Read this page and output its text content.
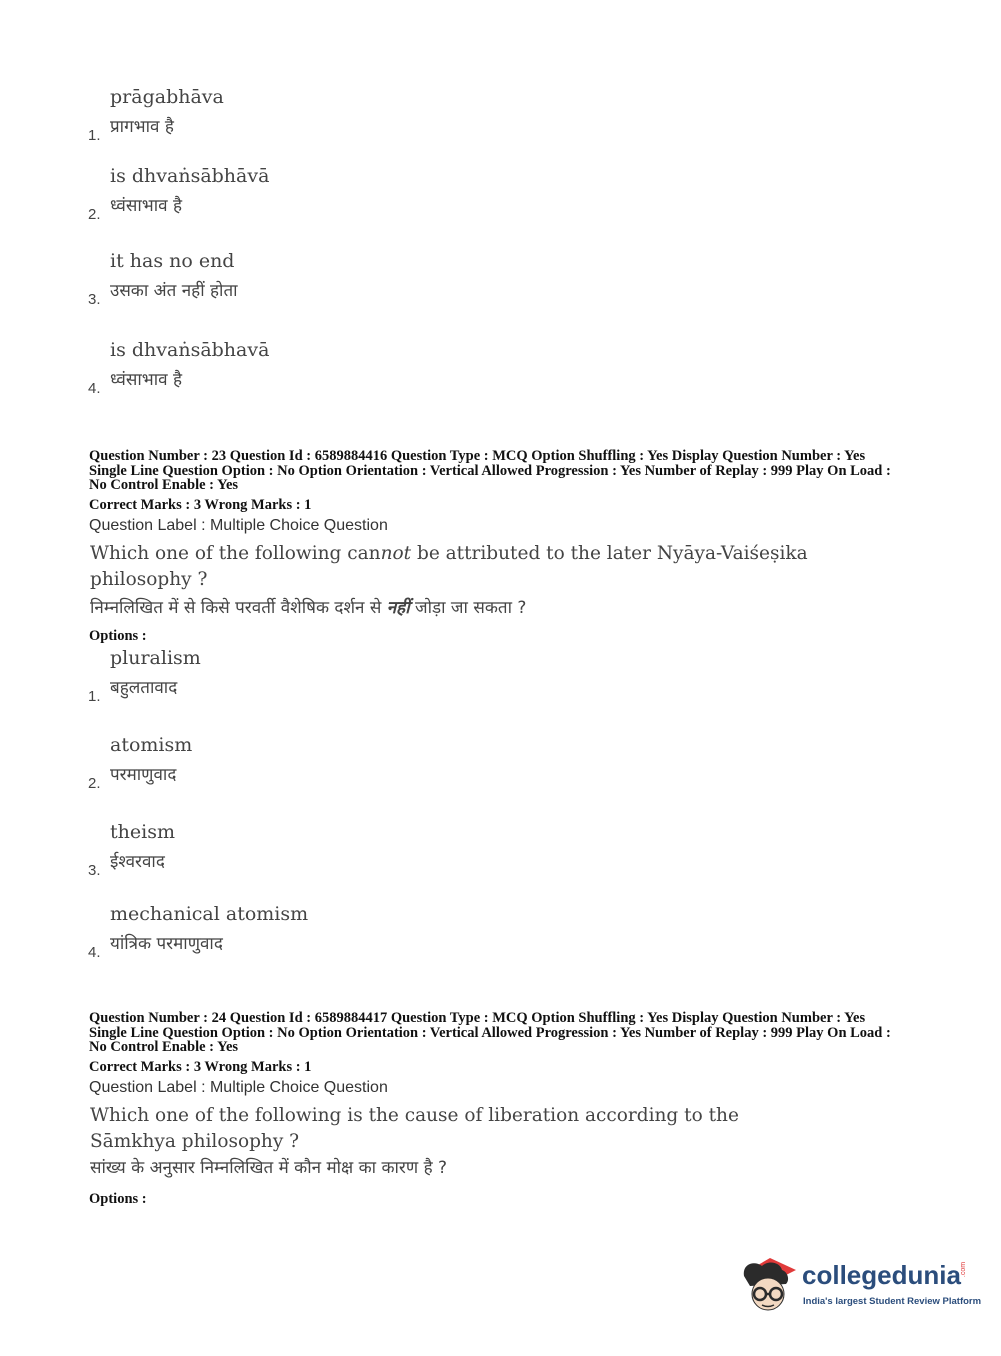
prāgabhāva
प्रागभाव है
1.
is dhvaṅsābhāvā
ध्वंसाभाव है
2.
it has no end
उसका अंत नहीं होता
3.
is dhvaṅsābhavā
ध्वंसाभाव है
4.
Question Number : 23 Question Id : 6589884416 Question Type : MCQ Option Shuffling : Yes Display Question Number : Yes
Single Line Question Option : No Option Orientation : Vertical Allowed Progression : Yes Number of Replay : 999 Play On Load :
No Control Enable : Yes
Correct Marks : 3 Wrong Marks : 1
Question Label : Multiple Choice Question
Which one of the following cannot be attributed to the later Nyāya-Vaiśeṣika philosophy ?
निम्नलिखित में से किसे परवर्ती वैशेषिक दर्शन से नहीं जोड़ा जा सकता ?
Options :
pluralism
बहुलतावाद
1.
atomism
परमाणुवाद
2.
theism
ईश्वरवाद
3.
mechanical atomism
यांत्रिक परमाणुवाद
4.
Question Number : 24 Question Id : 6589884417 Question Type : MCQ Option Shuffling : Yes Display Question Number : Yes
Single Line Question Option : No Option Orientation : Vertical Allowed Progression : Yes Number of Replay : 999 Play On Load :
No Control Enable : Yes
Correct Marks : 3 Wrong Marks : 1
Question Label : Multiple Choice Question
Which one of the following is the cause of liberation according to the Sāmkhya philosophy ?
सांख्य के अनुसार निम्नलिखित में कौन मोक्ष का कारण है ?
Options :
collegedunia .com
India's largest Student Review Platform
